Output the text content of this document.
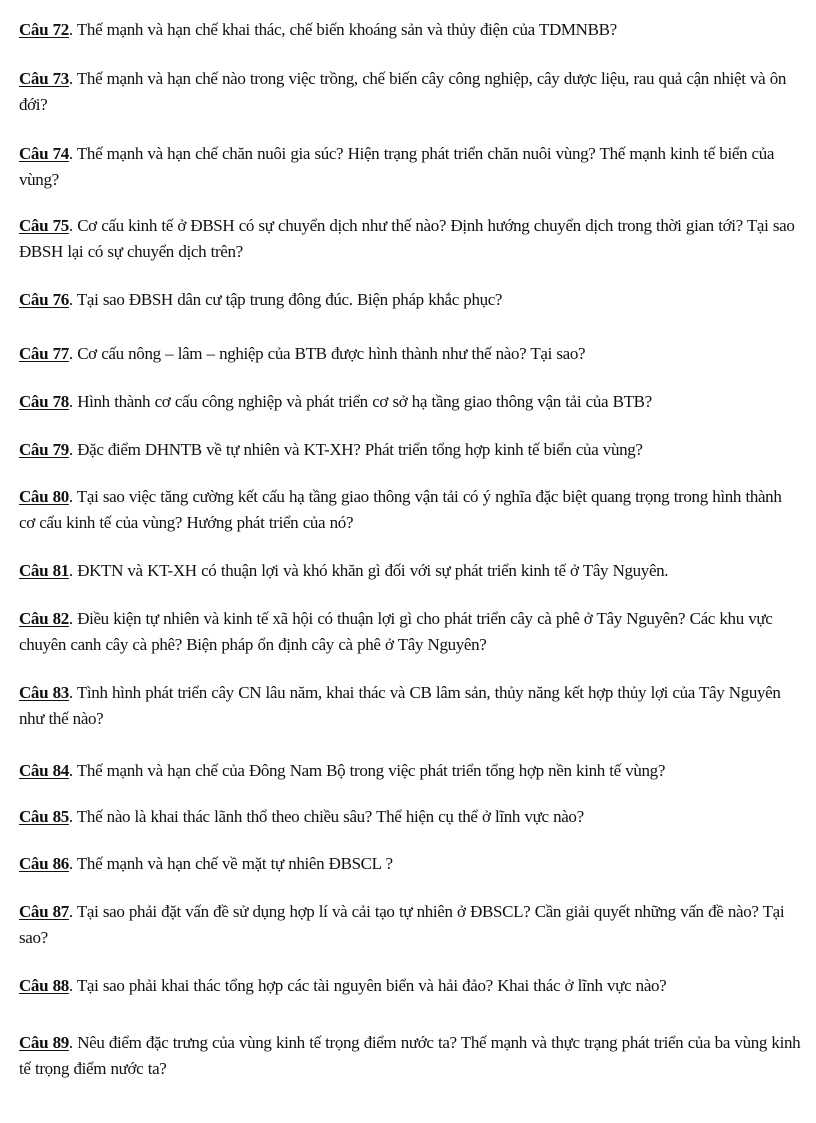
Câu 72. Thế mạnh và hạn chế khai thác, chế biến khoáng sản và thủy điện của TDMNBB?

Câu 73. Thế mạnh và hạn chế nào trong việc trồng, chế biến cây công nghiệp, cây dược liệu, rau quả cận nhiệt và ôn đới?

Câu 74. Thế mạnh và hạn chế chăn nuôi gia súc? Hiện trạng phát triển chăn nuôi vùng? Thế mạnh kinh tế biển của vùng?

Câu 75. Cơ cấu kinh tế ở ĐBSH có sự chuyển dịch như thế nào? Định hướng chuyển dịch trong thời gian tới? Tại sao ĐBSH lại có sự chuyển dịch trên?

Câu 76. Tại sao ĐBSH dân cư tập trung đông đúc. Biện pháp khắc phục?

Câu 77. Cơ cấu nông – lâm – nghiệp của BTB được hình thành như thế nào? Tại sao?

Câu 78. Hình thành cơ cấu công nghiệp và phát triển cơ sở hạ tầng giao thông vận tải của BTB?

Câu 79. Đặc điểm DHNTB về tự nhiên và KT-XH? Phát triển tổng hợp kinh tế biển của vùng?

Câu 80. Tại sao việc tăng cường kết cấu hạ tầng giao thông vận tải có ý nghĩa đặc biệt quang trọng trong hình thành cơ cấu kinh tế của vùng? Hướng phát triển của nó?

Câu 81. ĐKTN và KT-XH có thuận lợi và khó khăn gì đối với sự phát triển kinh tế ở Tây Nguyên.

Câu 82. Điều kiện tự nhiên và kinh tế xã hội có thuận lợi gì cho phát triển cây cà phê ở Tây Nguyên? Các khu vực chuyên canh cây cà phê? Biện pháp ổn định cây cà phê ở Tây Nguyên?

Câu 83. Tình hình phát triển cây CN lâu năm, khai thác và CB lâm sản, thủy năng kết hợp thủy lợi của Tây Nguyên như thế nào?

Câu 84. Thế mạnh và hạn chế của Đông Nam Bộ trong việc phát triển tổng hợp nền kinh tế vùng?

Câu 85. Thế nào là khai thác lãnh thổ theo chiều sâu? Thể hiện cụ thể ở lĩnh vực nào?

Câu 86. Thế mạnh và hạn chế về mặt tự nhiên ĐBSCL ?

Câu 87. Tại sao phải đặt vấn đề sử dụng hợp lí và cải tạo tự nhiên ở ĐBSCL? Cần giải quyết những vấn đề nào? Tại sao?

Câu 88. Tại sao phải khai thác tổng hợp các tài nguyên biển và hải đảo? Khai thác ở lĩnh vực nào?

Câu 89. Nêu điểm đặc trưng của vùng kinh tế trọng điểm nước ta? Thế mạnh và thực trạng phát triển của ba vùng kinh tế trọng điểm nước ta?
